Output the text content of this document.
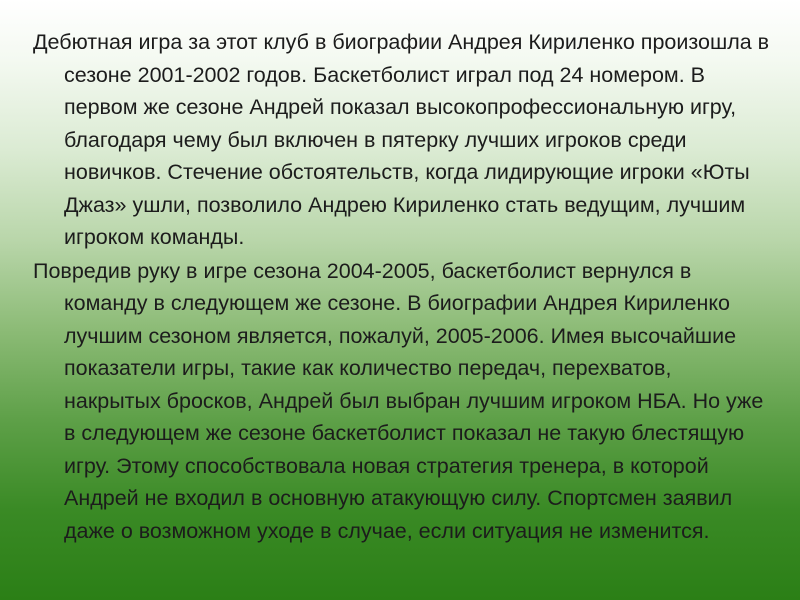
Дебютная игра за этот клуб в биографии Андрея Кириленко произошла в сезоне 2001-2002 годов. Баскетболист играл под 24 номером. В первом же сезоне Андрей показал высокопрофессиональную игру, благодаря чему был включен в пятерку лучших игроков среди новичков. Стечение обстоятельств, когда лидирующие игроки «Юты Джаз» ушли, позволило Андрею Кириленко стать ведущим, лучшим игроком команды.

Повредив руку в игре сезона 2004-2005, баскетболист вернулся в команду в следующем же сезоне. В биографии Андрея Кириленко лучшим сезоном является, пожалуй, 2005-2006. Имея высочайшие показатели игры, такие как количество передач, перехватов, накрытых бросков, Андрей был выбран лучшим игроком НБА. Но уже в следующем же сезоне баскетболист показал не такую блестящую игру. Этому способствовала новая стратегия тренера, в которой Андрей не входил в основную атакующую силу. Спортсмен заявил даже о возможном уходе в случае, если ситуация не изменится.
